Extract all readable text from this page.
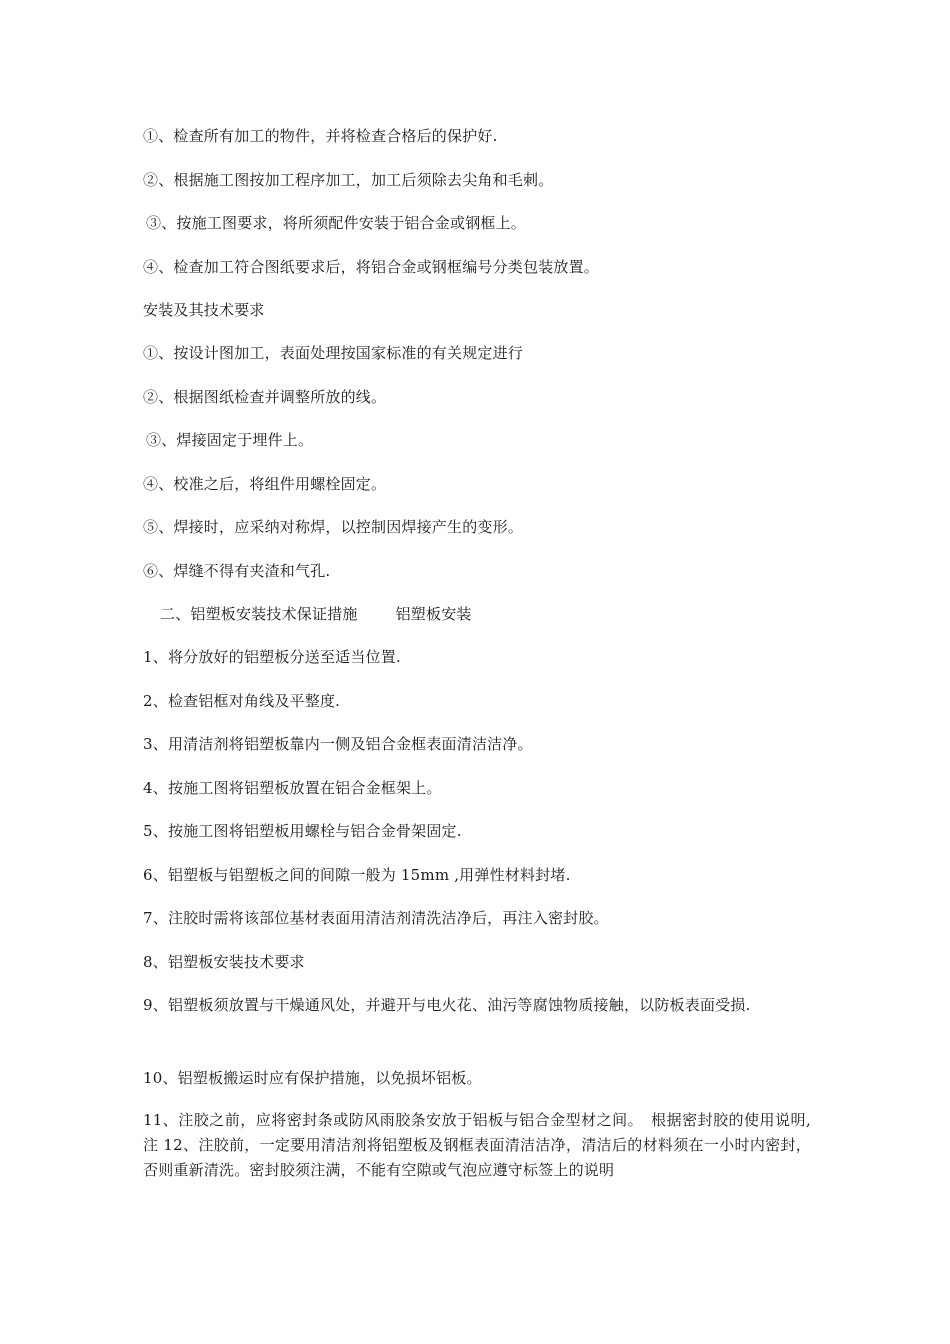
①、检查所有加工的物件，并将检查合格后的保护好.
②、根据施工图按加工程序加工，加工后须除去尖角和毛刺。
③、按施工图要求，将所须配件安装于铝合金或钢框上。
④、检查加工符合图纸要求后，将铝合金或钢框编号分类包装放置。
安装及其技术要求
①、按设计图加工，表面处理按国家标准的有关规定进行
②、根据图纸检查并调整所放的线。
③、焊接固定于埋件上。
④、校准之后，将组件用螺栓固定。
⑤、焊接时，应采纳对称焊，以控制因焊接产生的变形。
⑥、焊缝不得有夹渣和气孔.
二、铝塑板安装技术保证措施	铝塑板安装
1、将分放好的铝塑板分送至适当位置.
2、检查铝框对角线及平整度.
3、用清洁剂将铝塑板靠内一侧及铝合金框表面清洁洁净。
4、按施工图将铝塑板放置在铝合金框架上。
5、按施工图将铝塑板用螺栓与铝合金骨架固定.
6、铝塑板与铝塑板之间的间隙一般为 15mm ,用弹性材料封堵.
7、注胶时需将该部位基材表面用清洁剂清洗洁净后，再注入密封胶。
8、铝塑板安装技术要求
9、铝塑板须放置与干燥通风处，并避开与电火花、油污等腐蚀物质接触，以防板表面受损.
10、铝塑板搬运时应有保护措施，以免损坏铝板。
11、注胶之前，应将密封条或防风雨胶条安放于铝板与铝合金型材之间。　根据密封胶的使用说明,注 12、注胶前，一定要用清洁剂将铝塑板及钢框表面清洁洁净，清洁后的材料须在一小时内密封，否则重新清洗。密封胶须注满，不能有空隙或气泡应遵守标签上的说明
